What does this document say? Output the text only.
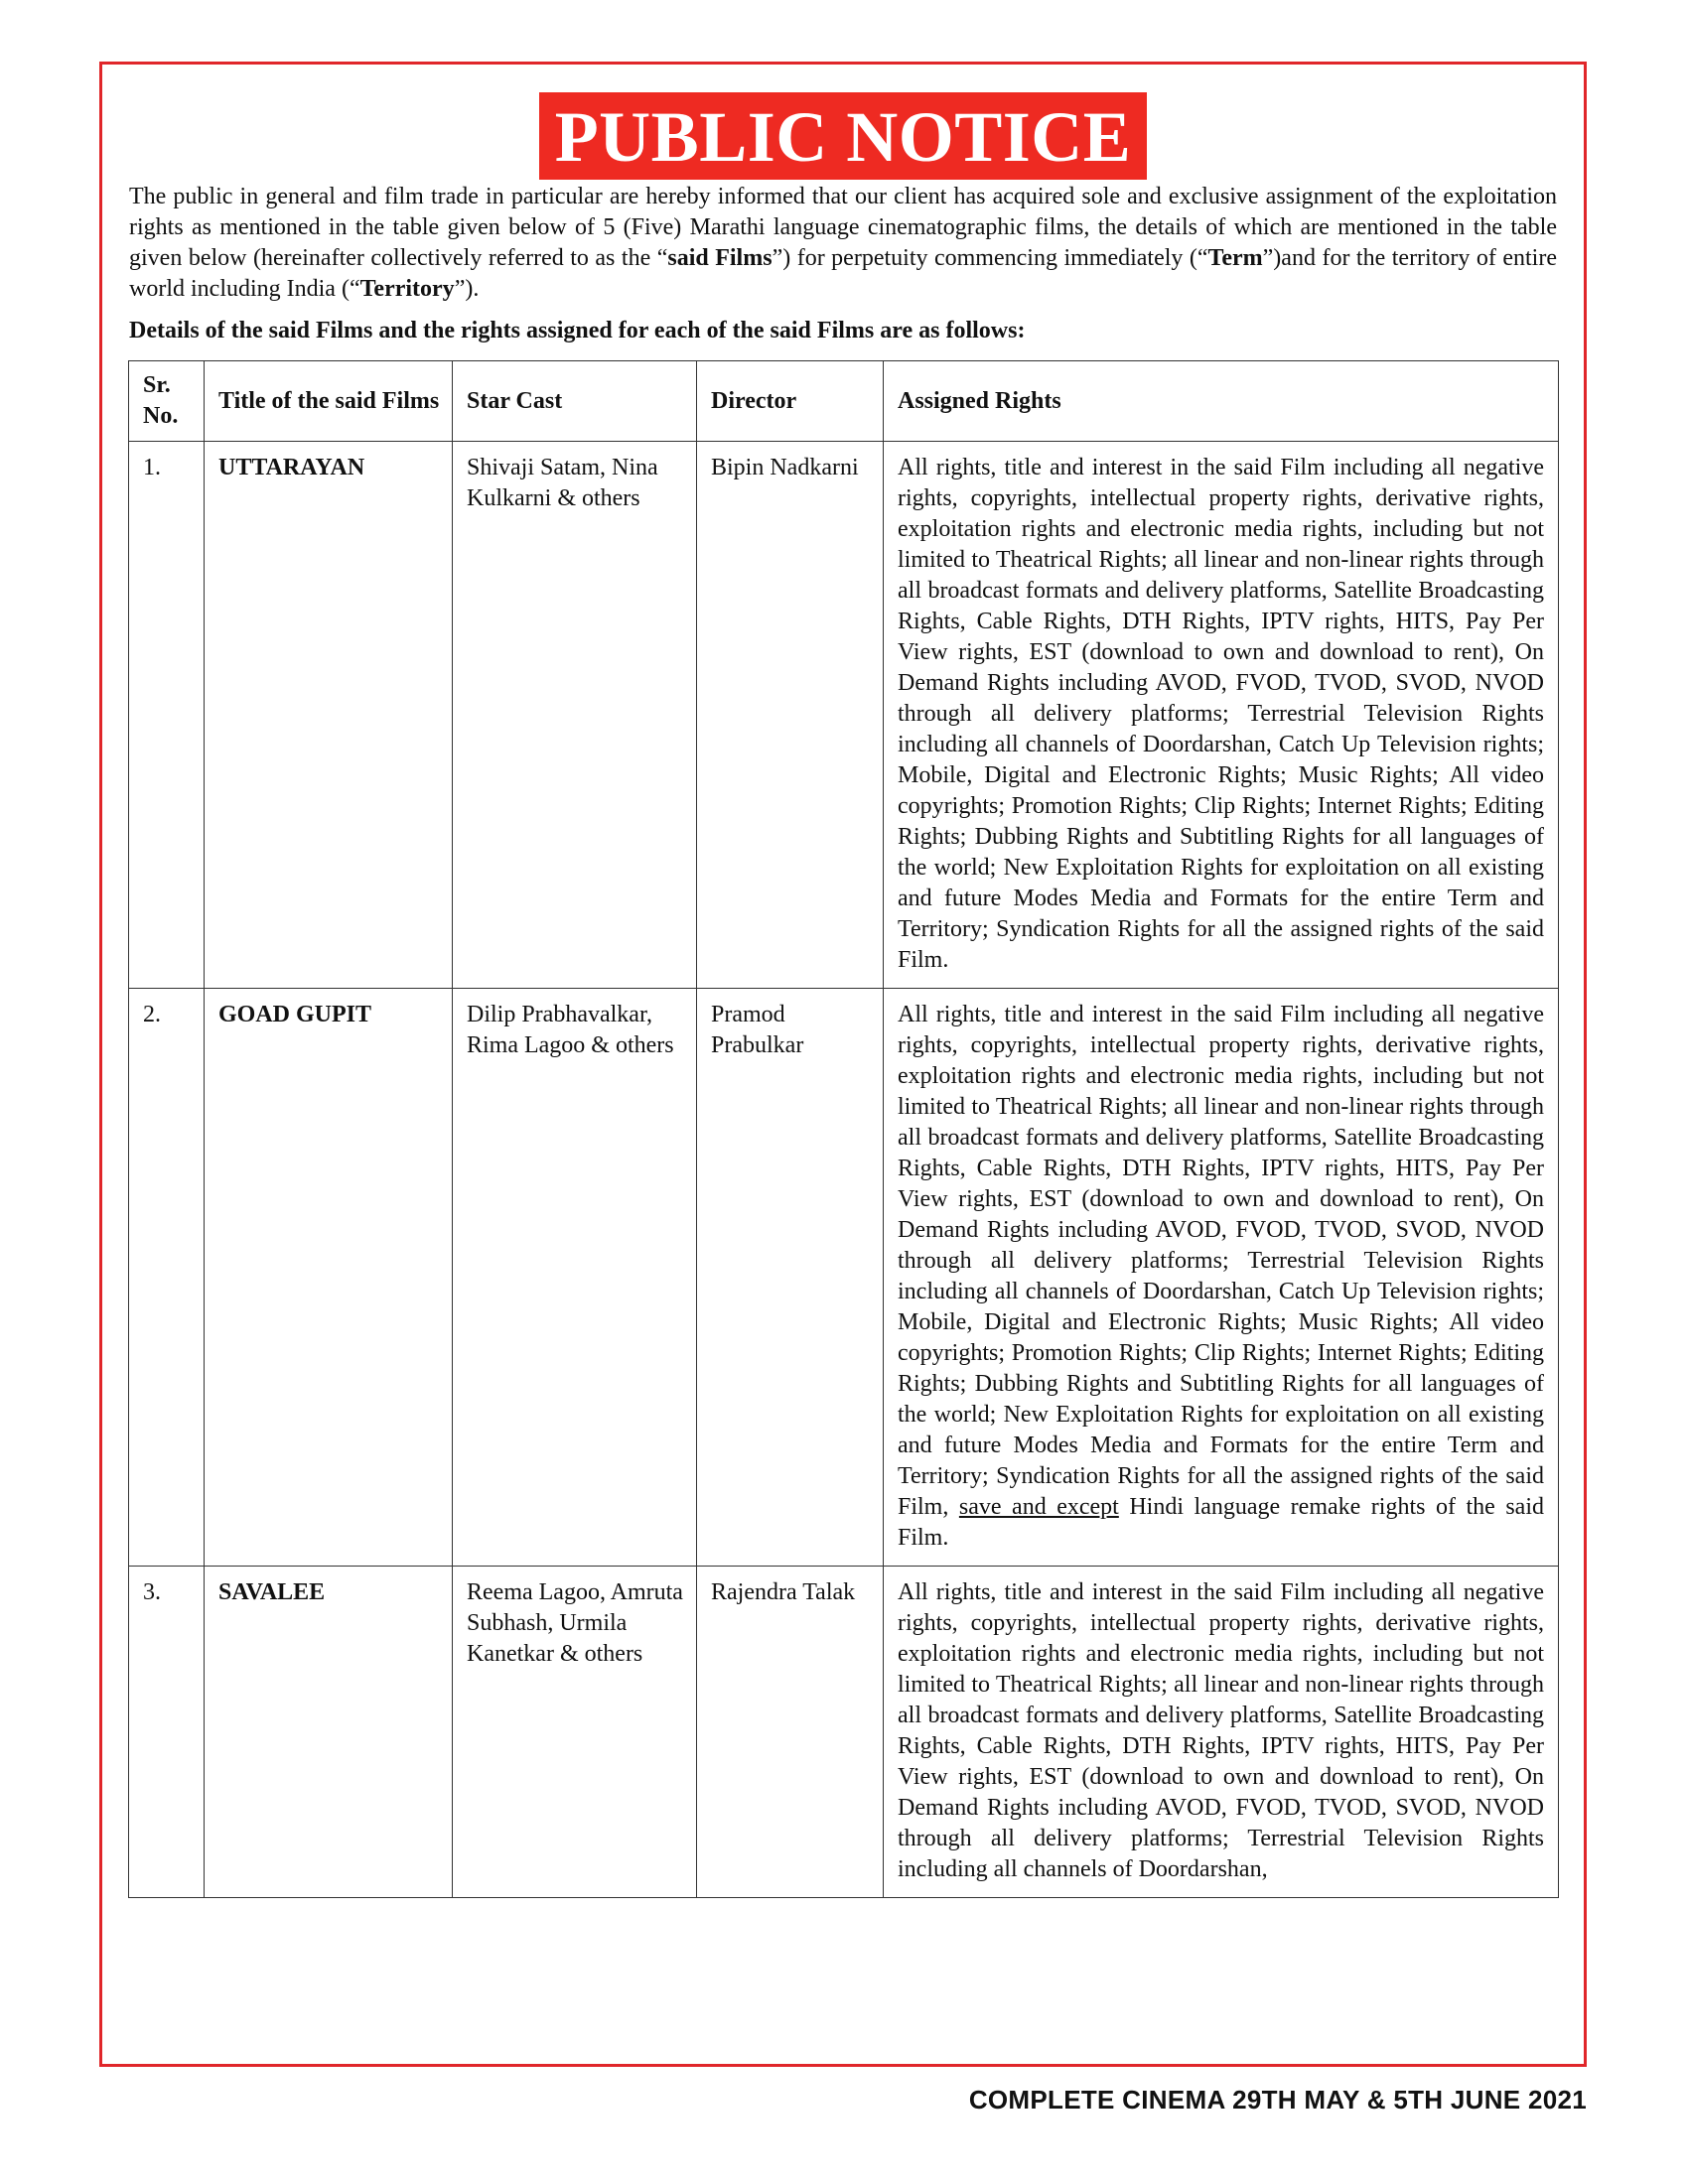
PUBLIC NOTICE
The public in general and film trade in particular are hereby informed that our client has acquired sole and exclusive assignment of the exploitation rights as mentioned in the table given below of 5 (Five) Marathi language cinematographic films, the details of which are mentioned in the table given below (hereinafter collectively referred to as the “said Films”) for perpetuity commencing immediately (“Term”)and for the territory of entire world including India (“Territory”).
Details of the said Films and the rights assigned for each of the said Films are as follows:
Sr. No.	Title of the said Films	Star Cast	Director	Assigned Rights
1.	UTTARAYAN	Shivaji Satam, Nina Kulkarni & others	Bipin Nadkarni	All rights, title and interest in the said Film including all negative rights, copyrights, intellectual property rights, derivative rights, exploitation rights and electronic media rights, including but not limited to Theatrical Rights; all linear and non-linear rights through all broadcast formats and delivery platforms, Satellite Broadcasting Rights, Cable Rights, DTH Rights, IPTV rights, HITS, Pay Per View rights, EST (download to own and download to rent), On Demand Rights including AVOD, FVOD, TVOD, SVOD, NVOD through all delivery platforms; Terrestrial Television Rights including all channels of Doordarshan, Catch Up Television rights; Mobile, Digital and Electronic Rights; Music Rights; All video copyrights; Promotion Rights; Clip Rights; Internet Rights; Editing Rights; Dubbing Rights and Subtitling Rights for all languages of the world; New Exploitation Rights for exploitation on all existing and future Modes Media and Formats for the entire Term and Territory; Syndication Rights for all the assigned rights of the said Film.
2.	GOAD GUPIT	Dilip Prabhavalkar, Rima Lagoo & others	Pramod Prabulkar	All rights, title and interest in the said Film including all negative rights, copyrights, intellectual property rights, derivative rights, exploitation rights and electronic media rights, including but not limited to Theatrical Rights; all linear and non-linear rights through all broadcast formats and delivery platforms, Satellite Broadcasting Rights, Cable Rights, DTH Rights, IPTV rights, HITS, Pay Per View rights, EST (download to own and download to rent), On Demand Rights including AVOD, FVOD, TVOD, SVOD, NVOD through all delivery platforms; Terrestrial Television Rights including all channels of Doordarshan, Catch Up Television rights; Mobile, Digital and Electronic Rights; Music Rights; All video copyrights; Promotion Rights; Clip Rights; Internet Rights; Editing Rights; Dubbing Rights and Subtitling Rights for all languages of the world; New Exploitation Rights for exploitation on all existing and future Modes Media and Formats for the entire Term and Territory; Syndication Rights for all the assigned rights of the said Film, save and except Hindi language remake rights of the said Film.
3.	SAVALEE	Reema Lagoo, Amruta Subhash, Urmila Kanetkar & others	Rajendra Talak	All rights, title and interest in the said Film including all negative rights, copyrights, intellectual property rights, derivative rights, exploitation rights and electronic media rights, including but not limited to Theatrical Rights; all linear and non-linear rights through all broadcast formats and delivery platforms, Satellite Broadcasting Rights, Cable Rights, DTH Rights, IPTV rights, HITS, Pay Per View rights, EST (download to own and download to rent), On Demand Rights including AVOD, FVOD, TVOD, SVOD, NVOD through all delivery platforms; Terrestrial Television Rights including all channels of Doordarshan,
COMPLETE CINEMA 29TH MAY & 5TH JUNE 2021
